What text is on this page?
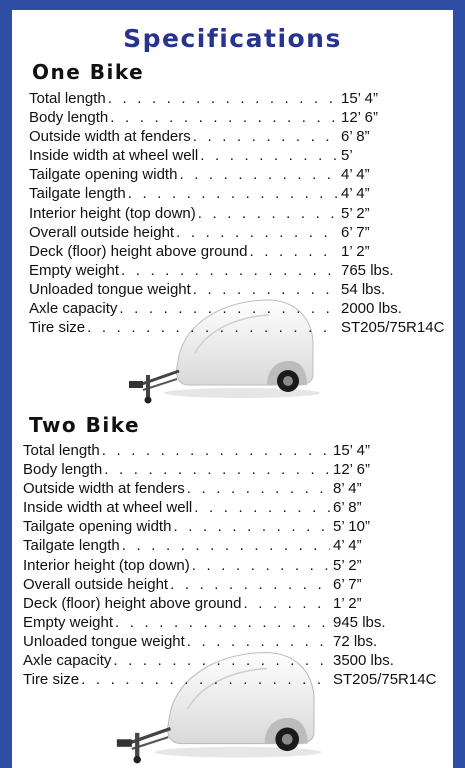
Specifications
One Bike
Total length . . .	15’ 4”
Body length . . .	12’ 6”
Outside width at fenders . . .	6’ 8”
Inside width at wheel well . . .	5’
Tailgate opening width . . .	4’ 4”
Tailgate length . . .	4’ 4”
Interior height (top down) . . .	5’ 2”
Overall outside height . . .	6’ 7”
Deck (floor) height above ground . . .	1’ 2”
Empty weight . . .	765 lbs.
Unloaded tongue weight . . .	54 lbs.
Axle capacity . . .	2000 lbs.
Tire size . . .	ST205/75R14C
Two Bike
Total length . . .	15’ 4”
Body length . . .	12’ 6”
Outside width at fenders . . .	8’ 4”
Inside width at wheel well . . .	6’ 8”
Tailgate opening width . . .	5’ 10”
Tailgate length . . .	4’ 4”
Interior height (top down) . . .	5’ 2”
Overall outside height . . .	6’ 7”
Deck (floor) height above ground . . .	1’ 2”
Empty weight . . .	945 lbs.
Unloaded tongue weight . . .	72 lbs.
Axle capacity . . .	3500 lbs.
Tire size . . .	ST205/75R14C
